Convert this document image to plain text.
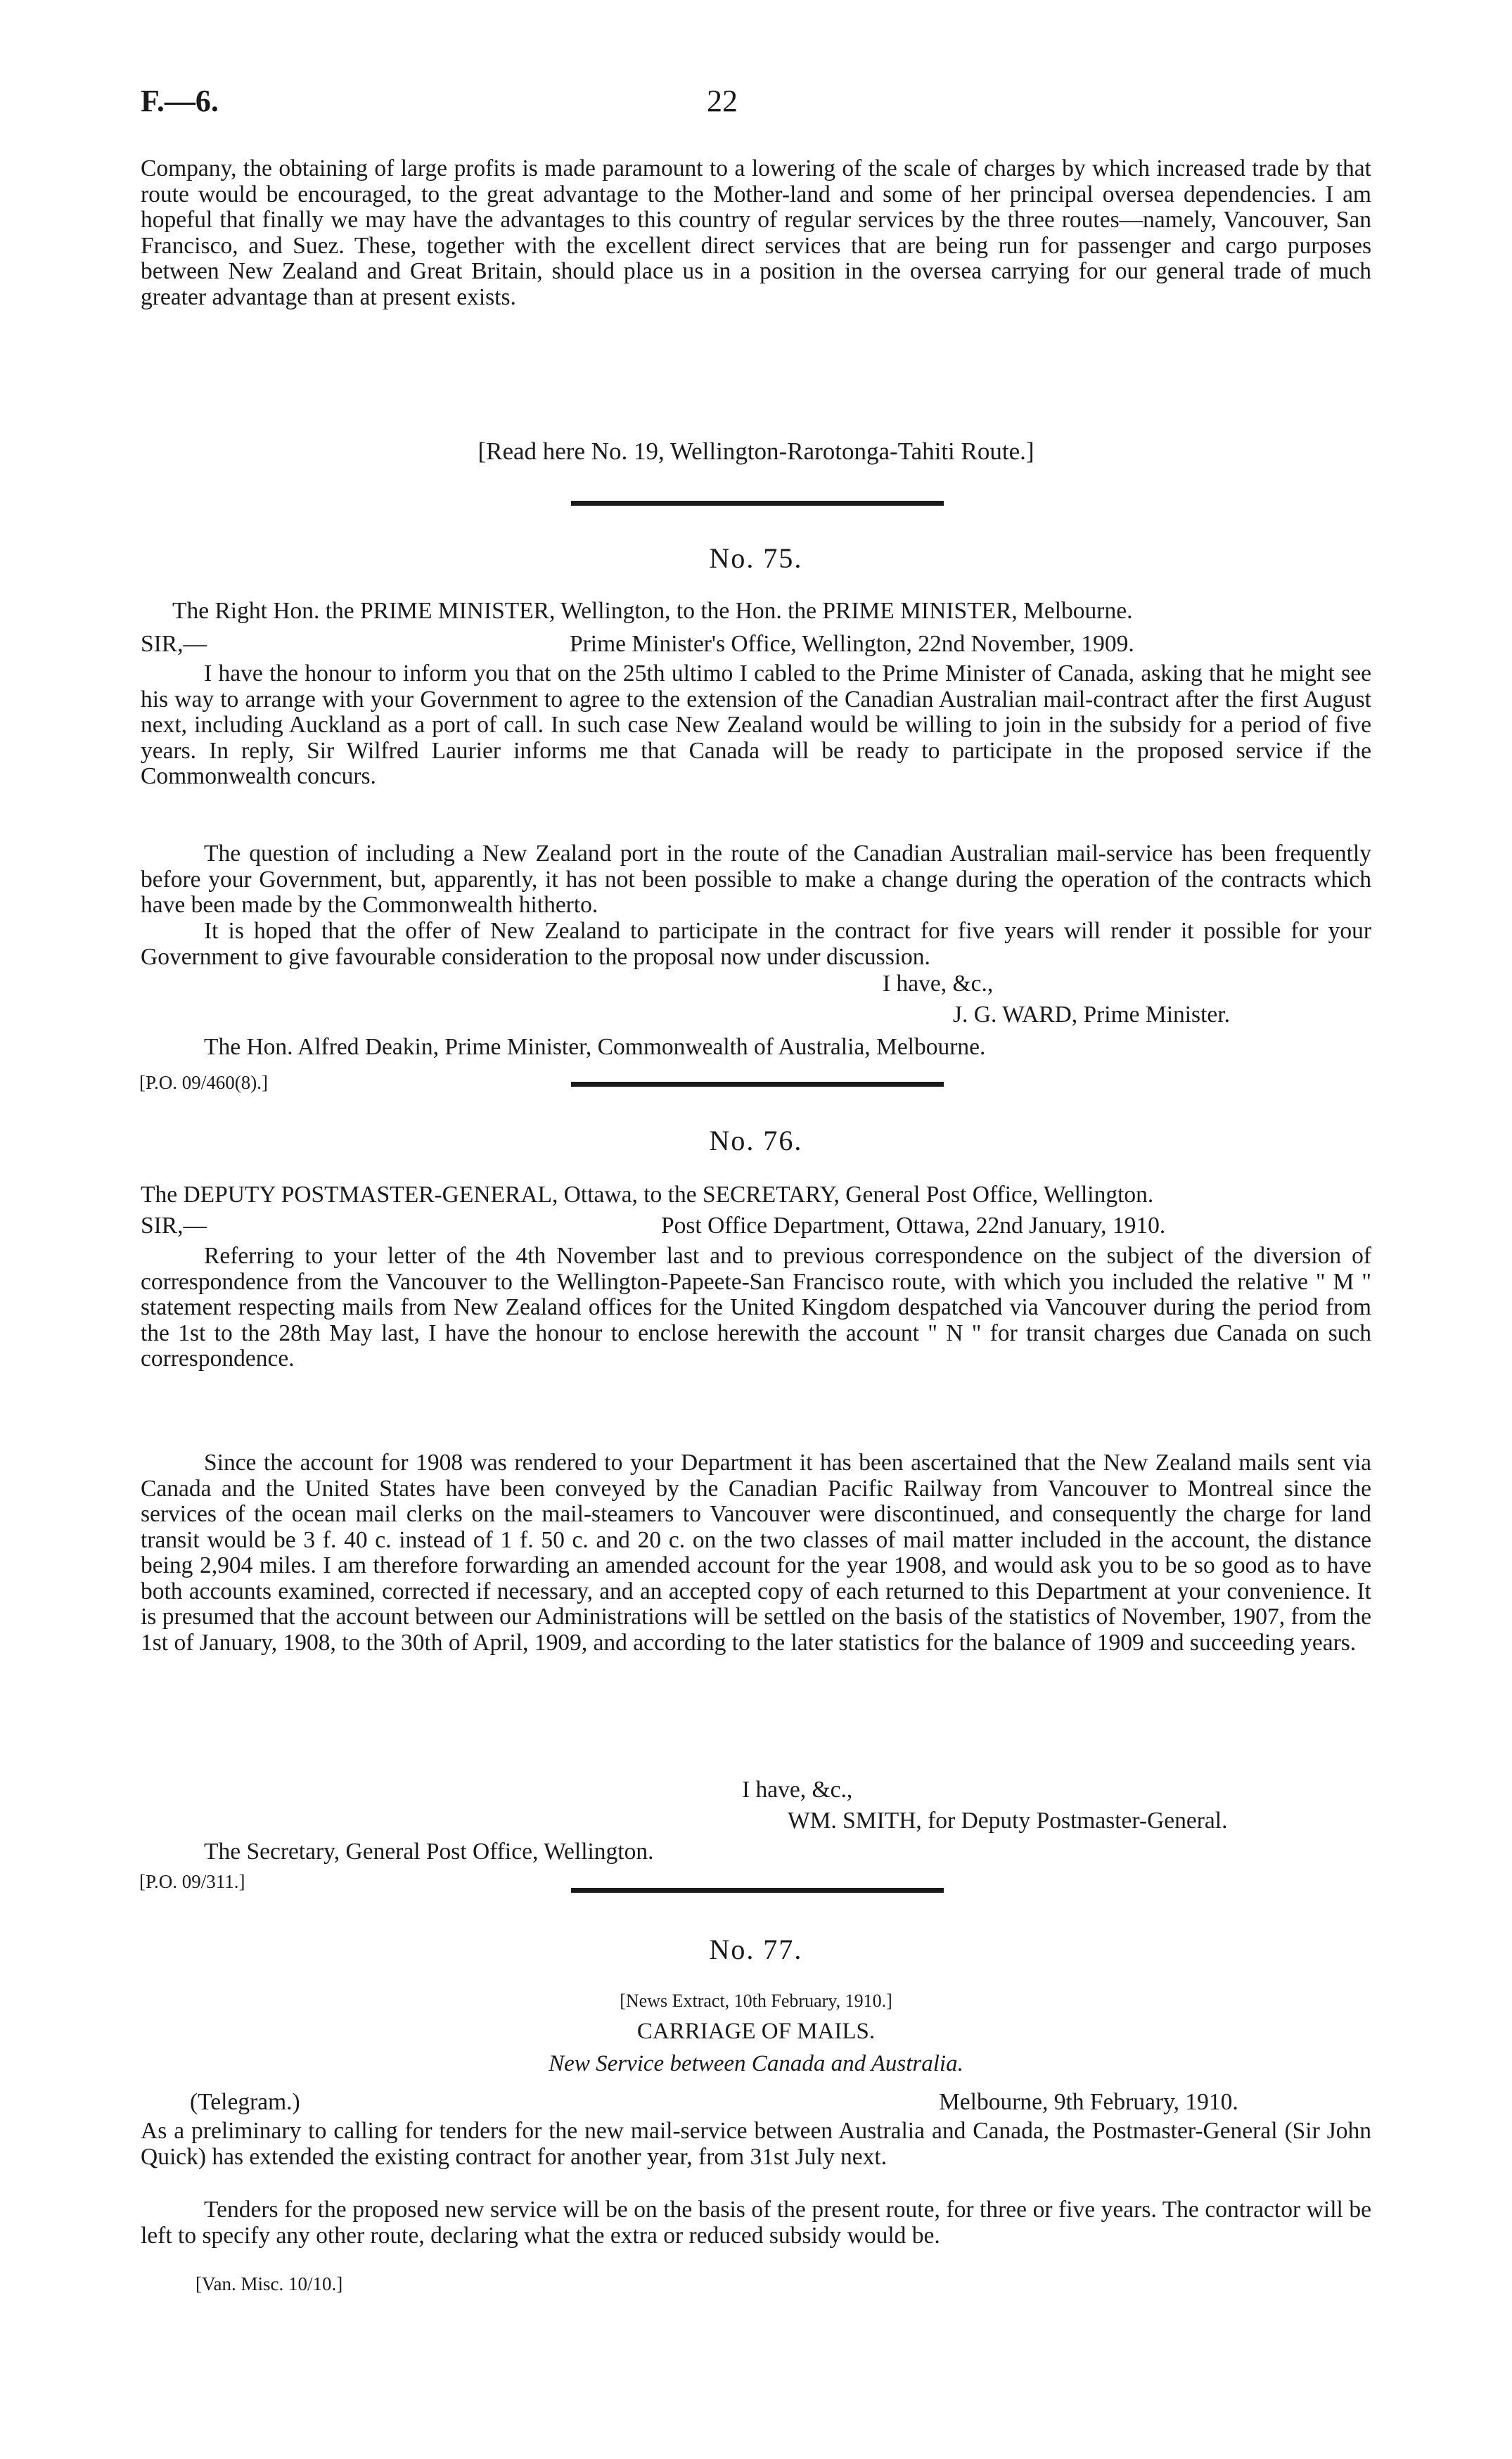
F.—6.	22
Company, the obtaining of large profits is made paramount to a lowering of the scale of charges by which increased trade by that route would be encouraged, to the great advantage to the Mother-land and some of her principal oversea dependencies. I am hopeful that finally we may have the advantages to this country of regular services by the three routes—namely, Vancouver, San Francisco, and Suez. These, together with the excellent direct services that are being run for passenger and cargo purposes between New Zealand and Great Britain, should place us in a position in the oversea carrying for our general trade of much greater advantage than at present exists.
[Read here No. 19, Wellington-Rarotonga-Tahiti Route.]
No. 75.
The Right Hon. the PRIME MINISTER, Wellington, to the Hon. the PRIME MINISTER, Melbourne.
SIR,—	Prime Minister's Office, Wellington, 22nd November, 1909.
I have the honour to inform you that on the 25th ultimo I cabled to the Prime Minister of Canada, asking that he might see his way to arrange with your Government to agree to the extension of the Canadian Australian mail-contract after the first August next, including Auckland as a port of call. In such case New Zealand would be willing to join in the subsidy for a period of five years. In reply, Sir Wilfred Laurier informs me that Canada will be ready to participate in the proposed service if the Commonwealth concurs.
The question of including a New Zealand port in the route of the Canadian Australian mail-service has been frequently before your Government, but, apparently, it has not been possible to make a change during the operation of the contracts which have been made by the Commonwealth hitherto.
It is hoped that the offer of New Zealand to participate in the contract for five years will render it possible for your Government to give favourable consideration to the proposal now under discussion.
I have, &c.,
J. G. WARD, Prime Minister.
The Hon. Alfred Deakin, Prime Minister, Commonwealth of Australia, Melbourne.
[P.O. 09/460(8).]
No. 76.
The DEPUTY POSTMASTER-GENERAL, Ottawa, to the SECRETARY, General Post Office, Wellington.
SIR,—	Post Office Department, Ottawa, 22nd January, 1910.
Referring to your letter of the 4th November last and to previous correspondence on the subject of the diversion of correspondence from the Vancouver to the Wellington-Papeete-San Francisco route, with which you included the relative " M " statement respecting mails from New Zealand offices for the United Kingdom despatched via Vancouver during the period from the 1st to the 28th May last, I have the honour to enclose herewith the account " N " for transit charges due Canada on such correspondence.
Since the account for 1908 was rendered to your Department it has been ascertained that the New Zealand mails sent via Canada and the United States have been conveyed by the Canadian Pacific Railway from Vancouver to Montreal since the services of the ocean mail clerks on the mail-steamers to Vancouver were discontinued, and consequently the charge for land transit would be 3 f. 40 c. instead of 1 f. 50 c. and 20 c. on the two classes of mail matter included in the account, the distance being 2,904 miles. I am therefore forwarding an amended account for the year 1908, and would ask you to be so good as to have both accounts examined, corrected if necessary, and an accepted copy of each returned to this Department at your convenience. It is presumed that the account between our Administrations will be settled on the basis of the statistics of November, 1907, from the 1st of January, 1908, to the 30th of April, 1909, and according to the later statistics for the balance of 1909 and succeeding years.
I have, &c.,
WM. SMITH, for Deputy Postmaster-General.
The Secretary, General Post Office, Wellington.
[P.O. 09/311.]
No. 77.
[News Extract, 10th February, 1910.]
CARRIAGE OF MAILS.
New Service between Canada and Australia.
(Telegram.)	Melbourne, 9th February, 1910.
As a preliminary to calling for tenders for the new mail-service between Australia and Canada, the Postmaster-General (Sir John Quick) has extended the existing contract for another year, from 31st July next.
Tenders for the proposed new service will be on the basis of the present route, for three or five years. The contractor will be left to specify any other route, declaring what the extra or reduced subsidy would be.
[Van. Misc. 10/10.]
